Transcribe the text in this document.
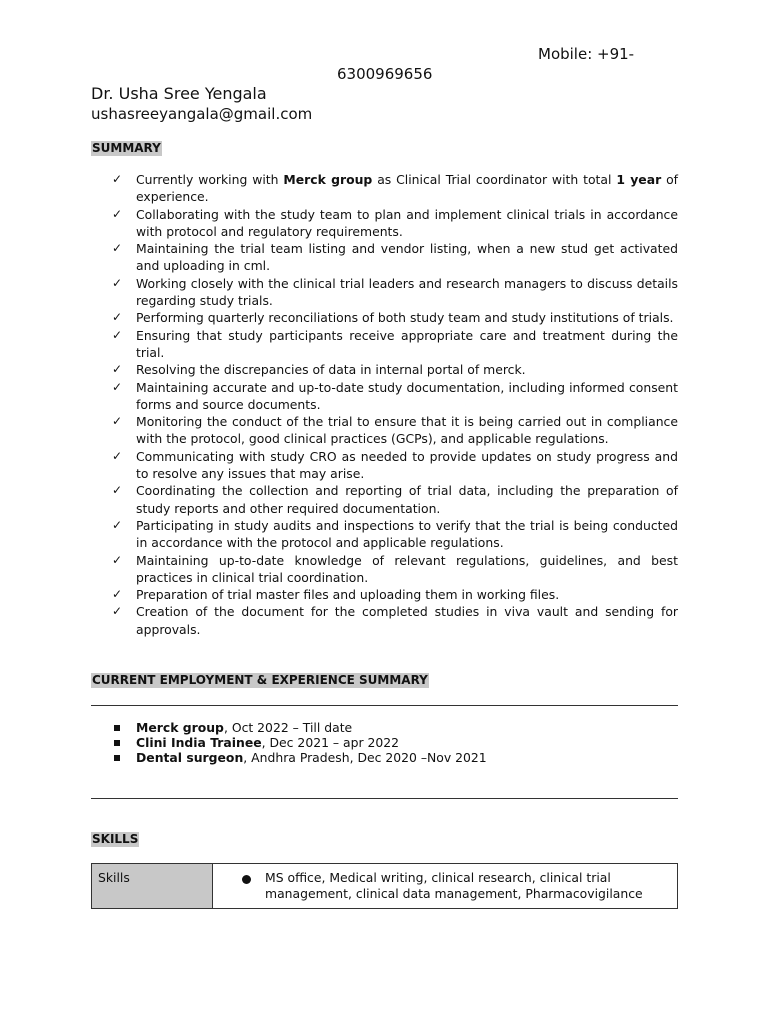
Mobile: +91-
6300969656
Dr. Usha Sree Yengala
ushasreeyangala@gmail.com
SUMMARY
✓ Currently working with Merck group as Clinical Trial coordinator with total 1 year of experience.
✓ Collaborating with the study team to plan and implement clinical trials in accordance with protocol and regulatory requirements.
✓ Maintaining the trial team listing and vendor listing, when a new stud get activated and uploading in cml.
✓ Working closely with the clinical trial leaders and research managers to discuss details regarding study trials.
✓ Performing quarterly reconciliations of both study team and study institutions of trials.
✓ Ensuring that study participants receive appropriate care and treatment during the trial.
✓ Resolving the discrepancies of data in internal portal of merck.
✓ Maintaining accurate and up-to-date study documentation, including informed consent forms and source documents.
✓ Monitoring the conduct of the trial to ensure that it is being carried out in compliance with the protocol, good clinical practices (GCPs), and applicable regulations.
✓ Communicating with study CRO as needed to provide updates on study progress and to resolve any issues that may arise.
✓ Coordinating the collection and reporting of trial data, including the preparation of study reports and other required documentation.
✓ Participating in study audits and inspections to verify that the trial is being conducted in accordance with the protocol and applicable regulations.
✓ Maintaining up-to-date knowledge of relevant regulations, guidelines, and best practices in clinical trial coordination.
✓ Preparation of trial master files and uploading them in working files.
✓ Creation of the document for the completed studies in viva vault and sending for approvals.
CURRENT EMPLOYMENT & EXPERIENCE SUMMARY
Merck group, Oct 2022 – Till date
Clini India Trainee, Dec 2021 – apr 2022
Dental surgeon, Andhra Pradesh, Dec 2020 –Nov 2021
SKILLS
Skills	MS office, Medical writing, clinical research, clinical trial management, clinical data management, Pharmacovigilance
